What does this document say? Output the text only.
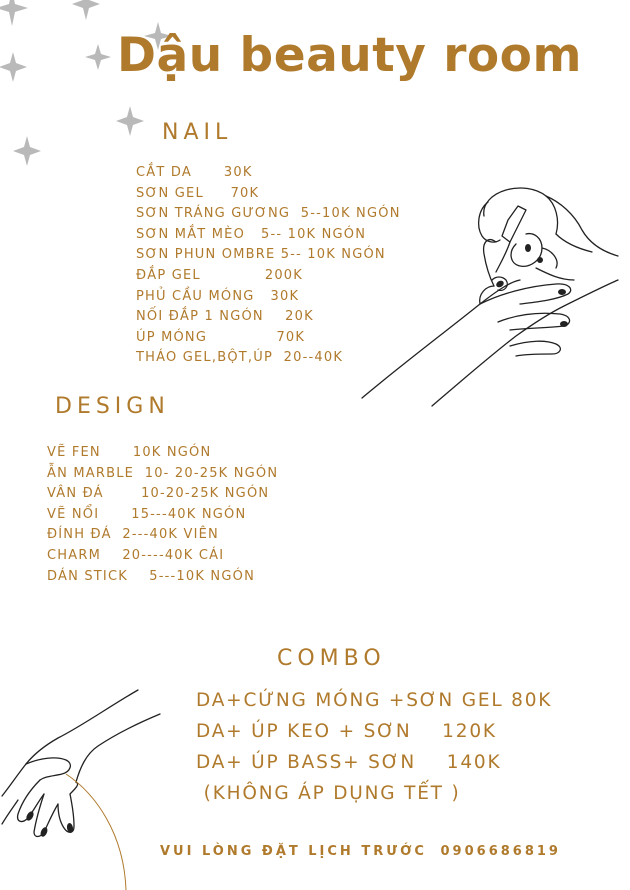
Dậu beauty room
NAIL
CẮT DA      30K
SƠN GEL     70K
SƠN TRÁNG GƯƠNG  5--10K NGÓN
SƠN MẮT MÈO   5-- 10K NGÓN
SƠN PHUN OMBRE 5-- 10K NGÓN
ĐẮP GEL            200K
PHỦ CẦU MÓNG   30K
NỐI ĐẮP 1 NGÓN    20K
ÚP MÓNG             70K
THÁO GEL,BỘT,ÚP  20--40K
DESIGN
VẼ FEN      10K NGÓN
ẪN MARBLE  10- 20-25K NGÓN
VÂN ĐÁ       10-20-25K NGÓN
VẼ NỔI      15---40K NGÓN
ĐÍNH ĐÁ  2---40K VIÊN
CHARM    20----40K CÁI
DÁN STICK    5---10K NGÓN
COMBO
DA+CỨNG MÓNG +SƠN GEL 80K
DA+ ÚP KEO + SƠN    120K
DA+ ÚP BASS+ SƠN    140K
(KHÔNG ÁP DỤNG TẾT )
VUI LÒNG ĐẶT LỊCH TRƯỚC 0906686819
